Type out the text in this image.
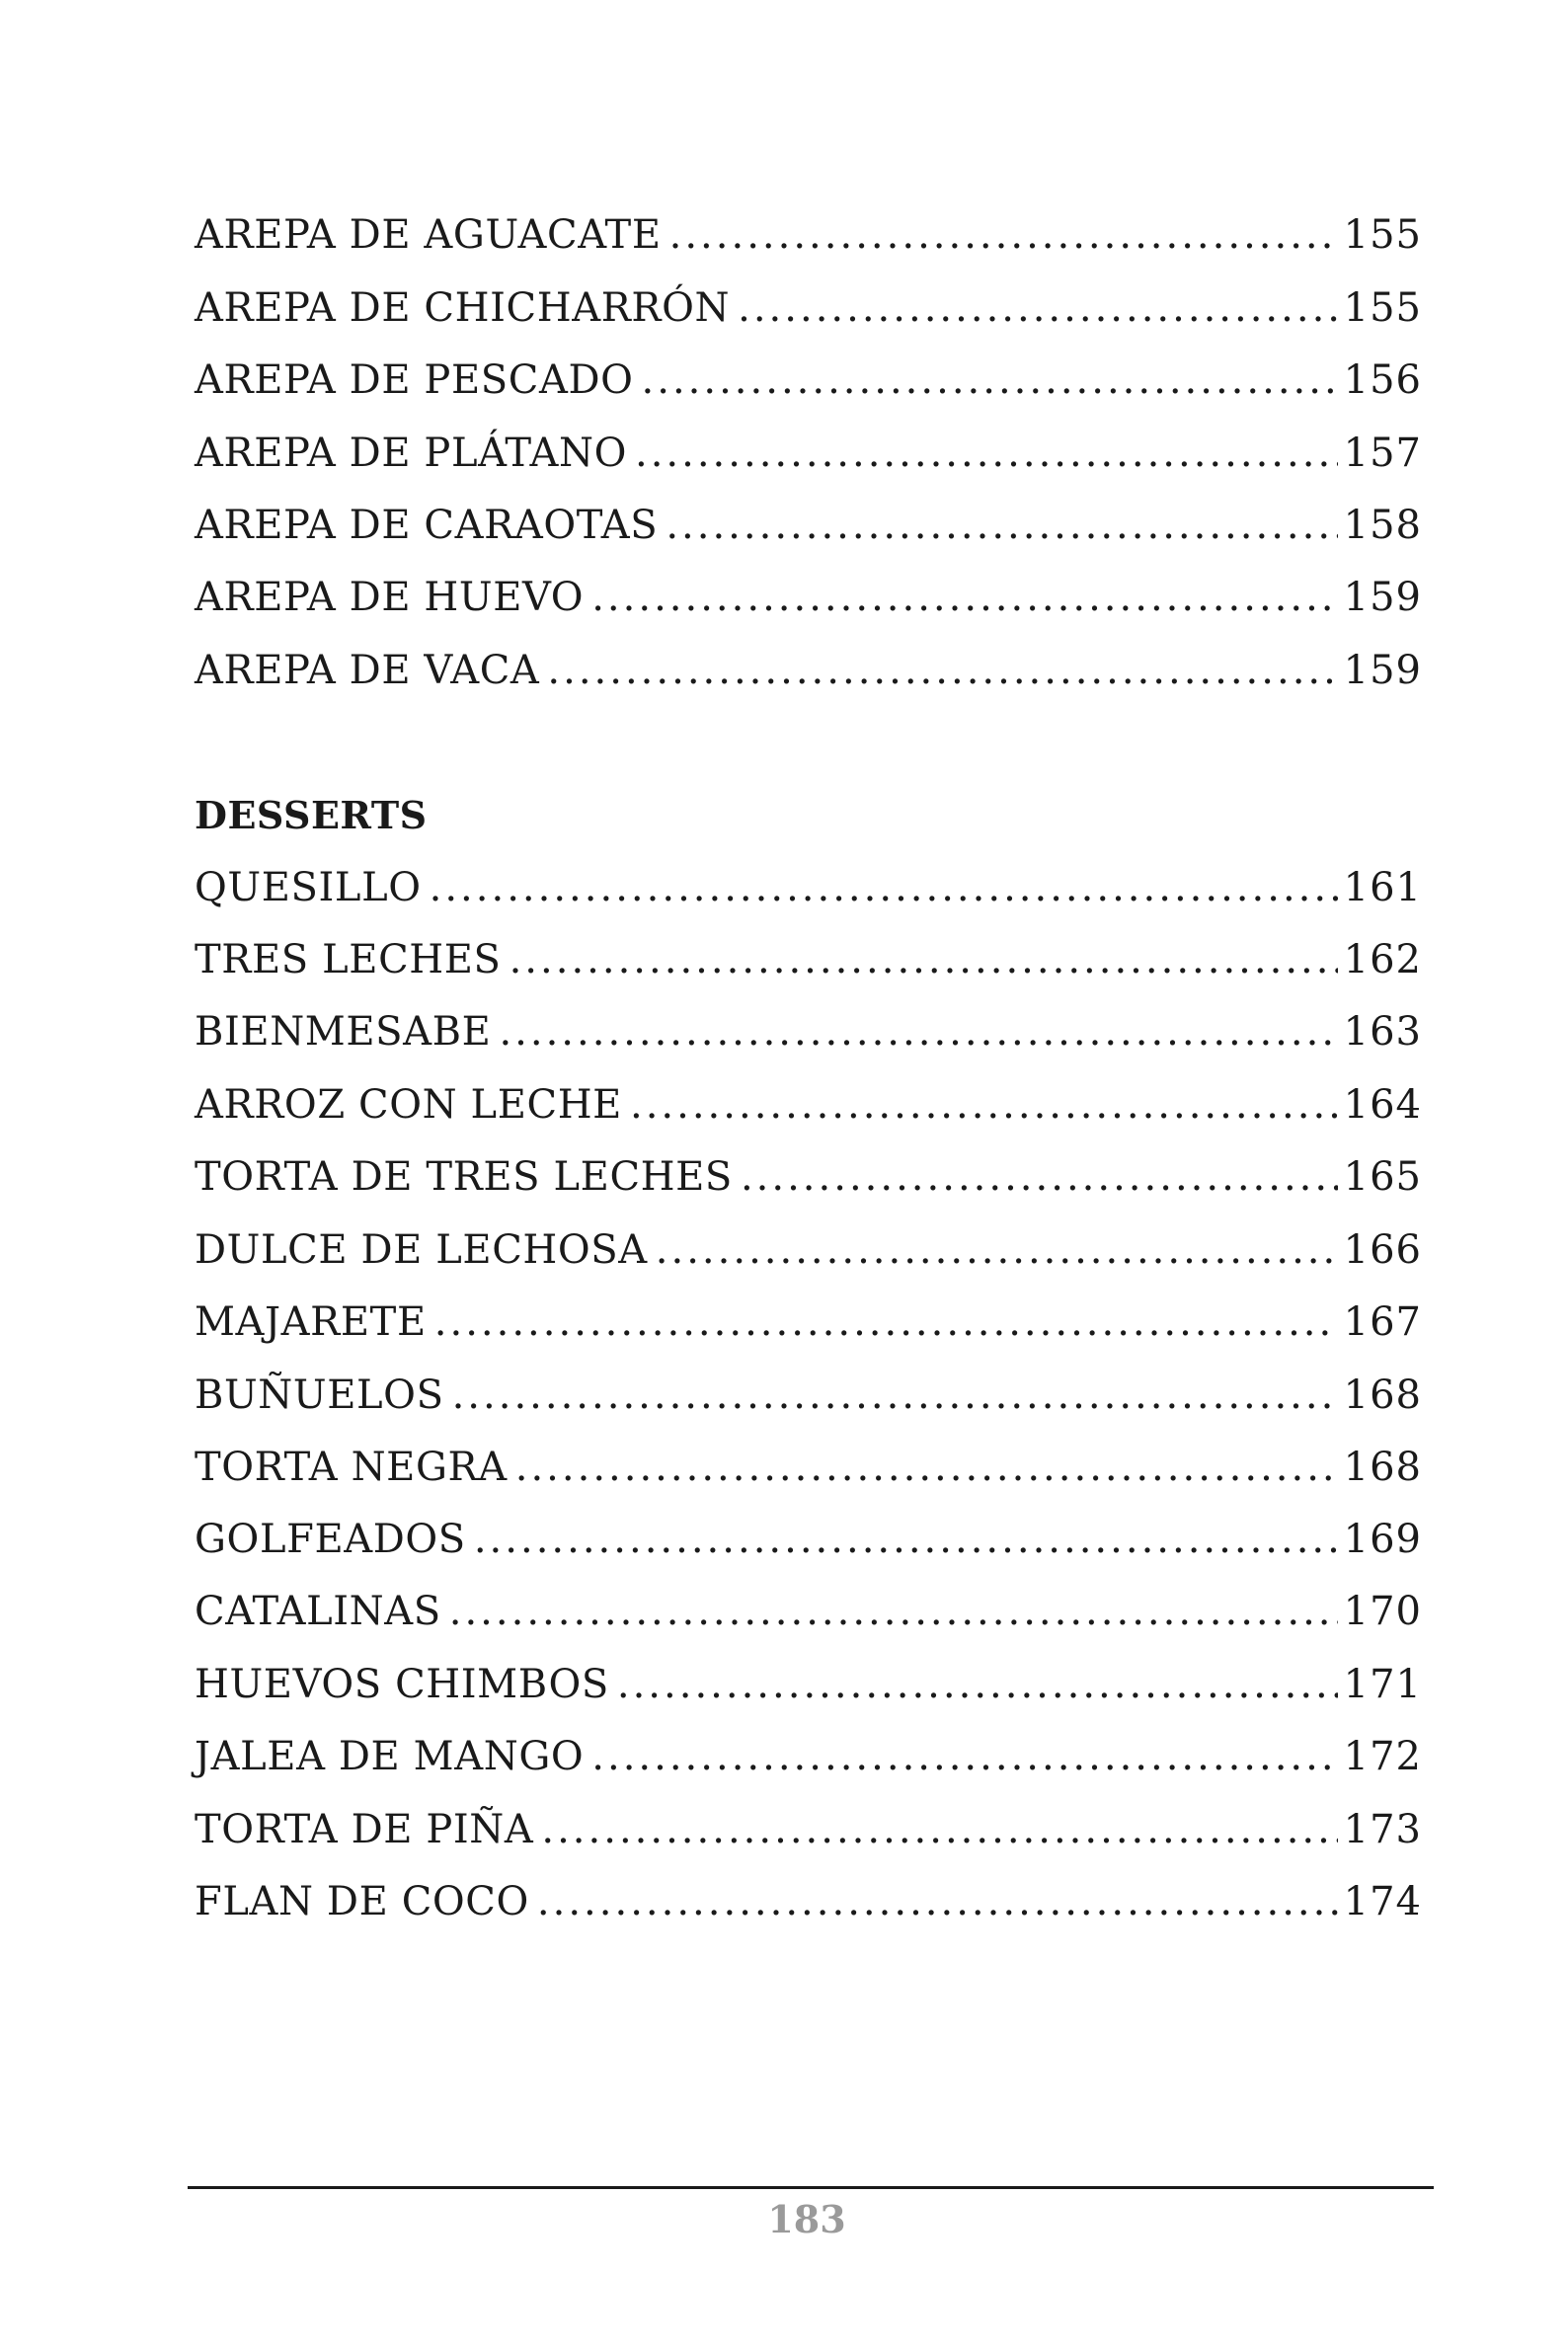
AREPA DE AGUACATE .....	155
AREPA DE CHICHARRÓN .....	155
AREPA DE PESCADO .....	156
AREPA DE PLÁTANO .....	157
AREPA DE CARAOTAS .....	158
AREPA DE HUEVO .....	159
AREPA DE VACA .....	159
DESSERTS
QUESILLO .....	161
TRES LECHES .....	162
BIENMESABE .....	163
ARROZ CON LECHE .....	164
TORTA DE TRES LECHES .....	165
DULCE DE LECHOSA .....	166
MAJARETE .....	167
BUÑUELOS .....	168
TORTA NEGRA .....	168
GOLFEADOS .....	169
CATALINAS .....	170
HUEVOS CHIMBOS .....	171
JALEA DE MANGO .....	172
TORTA DE PIÑA .....	173
FLAN DE COCO .....	174
183
